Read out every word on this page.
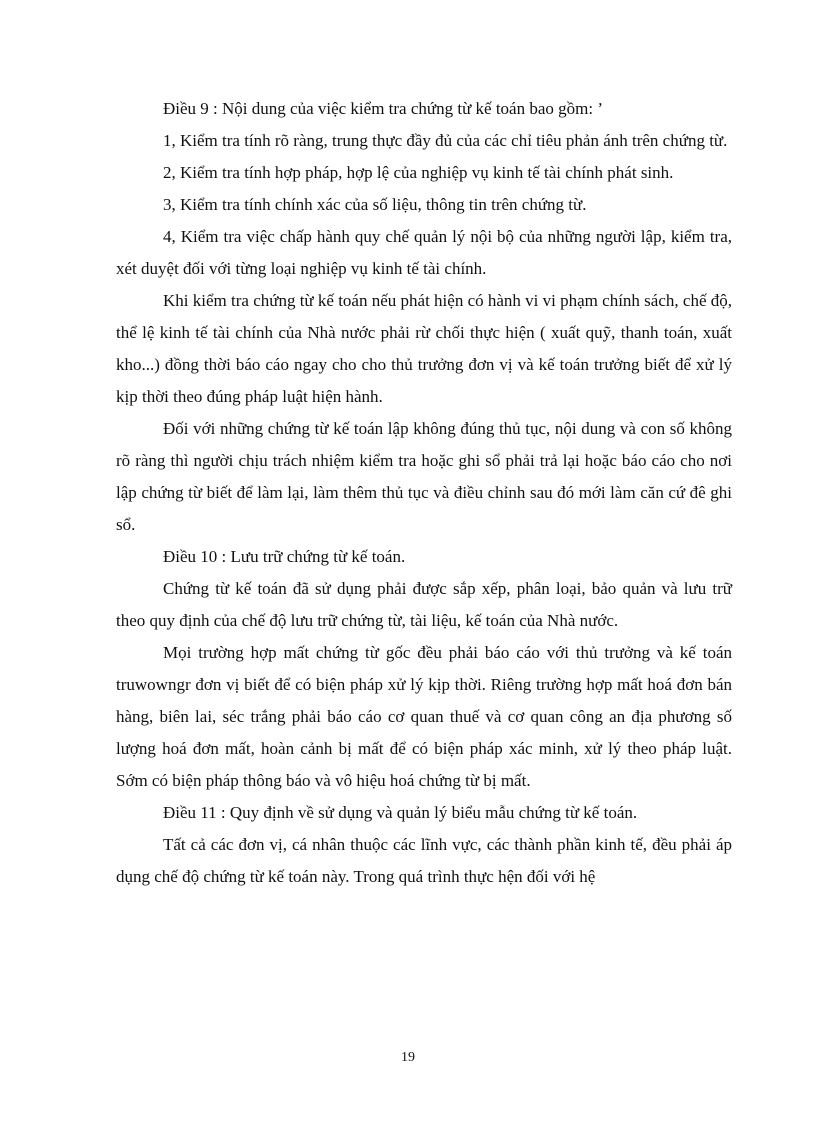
Điều 9 : Nội dung của việc kiểm tra chứng từ kế toán bao gồm: ’

1, Kiểm tra tính rõ ràng, trung thực đầy đủ của các chỉ tiêu phản ánh trên chứng từ.

2, Kiểm tra tính hợp pháp, hợp lệ của nghiệp vụ kinh tế tài chính phát sinh.

3, Kiểm tra tính chính xác của số liệu, thông tin trên chứng từ.

4, Kiểm tra việc chấp hành quy chế quản lý nội bộ của những người lập, kiểm tra, xét duyệt đối với từng loại nghiệp vụ kinh tế tài chính.

Khi kiểm tra chứng từ kế toán nếu phát hiện có hành vi vi phạm chính sách, chế độ, thể lệ kinh tế tài chính của Nhà nước phải rừ chối thực hiện ( xuất quỹ, thanh toán, xuất kho...) đồng thời báo cáo ngay cho cho thủ trưởng đơn vị và kế toán trưởng biết để xử lý kịp thời theo đúng pháp luật hiện hành.

Đối với những chứng từ kế toán lập không đúng thủ tục, nội dung và con số không rõ ràng thì người chịu trách nhiệm kiểm tra hoặc ghi sổ phải trả lại hoặc báo cáo cho nơi lập chứng từ biết để làm lại, làm thêm thủ tục và điều chỉnh sau đó mới làm căn cứ đê ghi sổ.

Điều 10 : Lưu trữ chứng từ kế toán.

Chứng từ kế toán đã sử dụng phải được sắp xếp, phân loại, bảo quản và lưu trữ theo quy định của chế độ lưu trữ chứng từ, tài liệu, kế toán của Nhà nước.

Mọi trường hợp mất chứng từ gốc đều phải báo cáo với thủ trưởng và kế toán truwowngr đơn vị biết để có biện pháp xử lý kịp thời. Riêng trường hợp mất hoá đơn bán hàng, biên lai, séc trắng phải báo cáo cơ quan thuế và cơ quan công an địa phương số lượng hoá đơn mất, hoàn cảnh bị mất để có biện pháp xác minh, xử lý theo pháp luật. Sớm có biện pháp thông báo và vô hiệu hoá chứng từ bị mất.

Điều 11 : Quy định về sử dụng và quản lý biểu mẫu chứng từ kế toán.

Tất cả các đơn vị, cá nhân thuộc các lĩnh vực, các thành phần kinh tế, đều phải áp dụng chế độ chứng từ kế toán này. Trong quá trình thực hện đối với hệ

19
